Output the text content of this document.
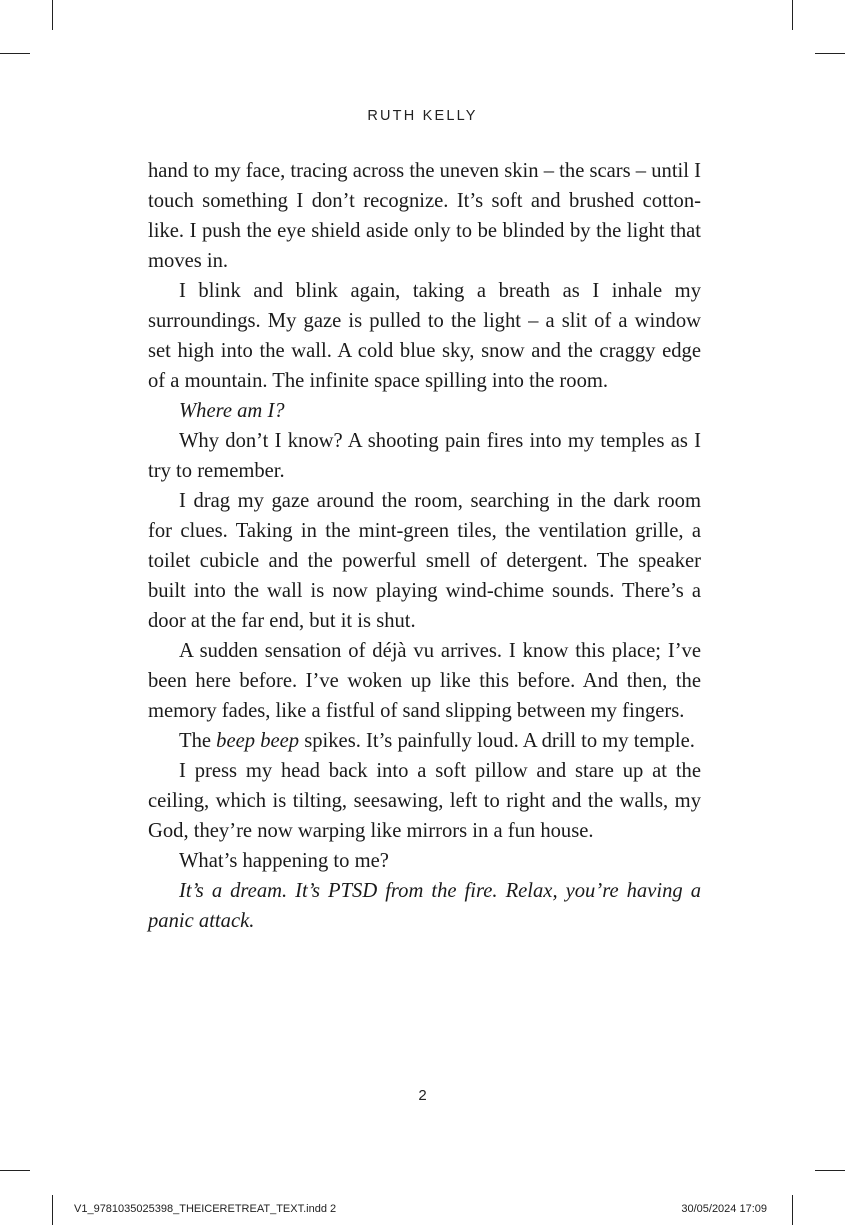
RUTH KELLY

hand to my face, tracing across the uneven skin – the scars – until I touch something I don’t recognize. It’s soft and brushed cotton-like. I push the eye shield aside only to be blinded by the light that moves in.

I blink and blink again, taking a breath as I inhale my surroundings. My gaze is pulled to the light – a slit of a window set high into the wall. A cold blue sky, snow and the craggy edge of a mountain. The infinite space spilling into the room.

Where am I?

Why don’t I know? A shooting pain fires into my temples as I try to remember.

I drag my gaze around the room, searching in the dark room for clues. Taking in the mint-green tiles, the ventilation grille, a toilet cubicle and the powerful smell of detergent. The speaker built into the wall is now playing wind-chime sounds. There’s a door at the far end, but it is shut.

A sudden sensation of déjà vu arrives. I know this place; I’ve been here before. I’ve woken up like this before. And then, the memory fades, like a fistful of sand slipping between my fingers.

The beep beep spikes. It’s painfully loud. A drill to my temple.

I press my head back into a soft pillow and stare up at the ceiling, which is tilting, seesawing, left to right and the walls, my God, they’re now warping like mirrors in a fun house.

What’s happening to me?

It’s a dream. It’s PTSD from the fire. Relax, you’re having a panic attack.

2
V1_9781035025398_THEICERETREAT_TEXT.indd 2	30/05/2024 17:09
